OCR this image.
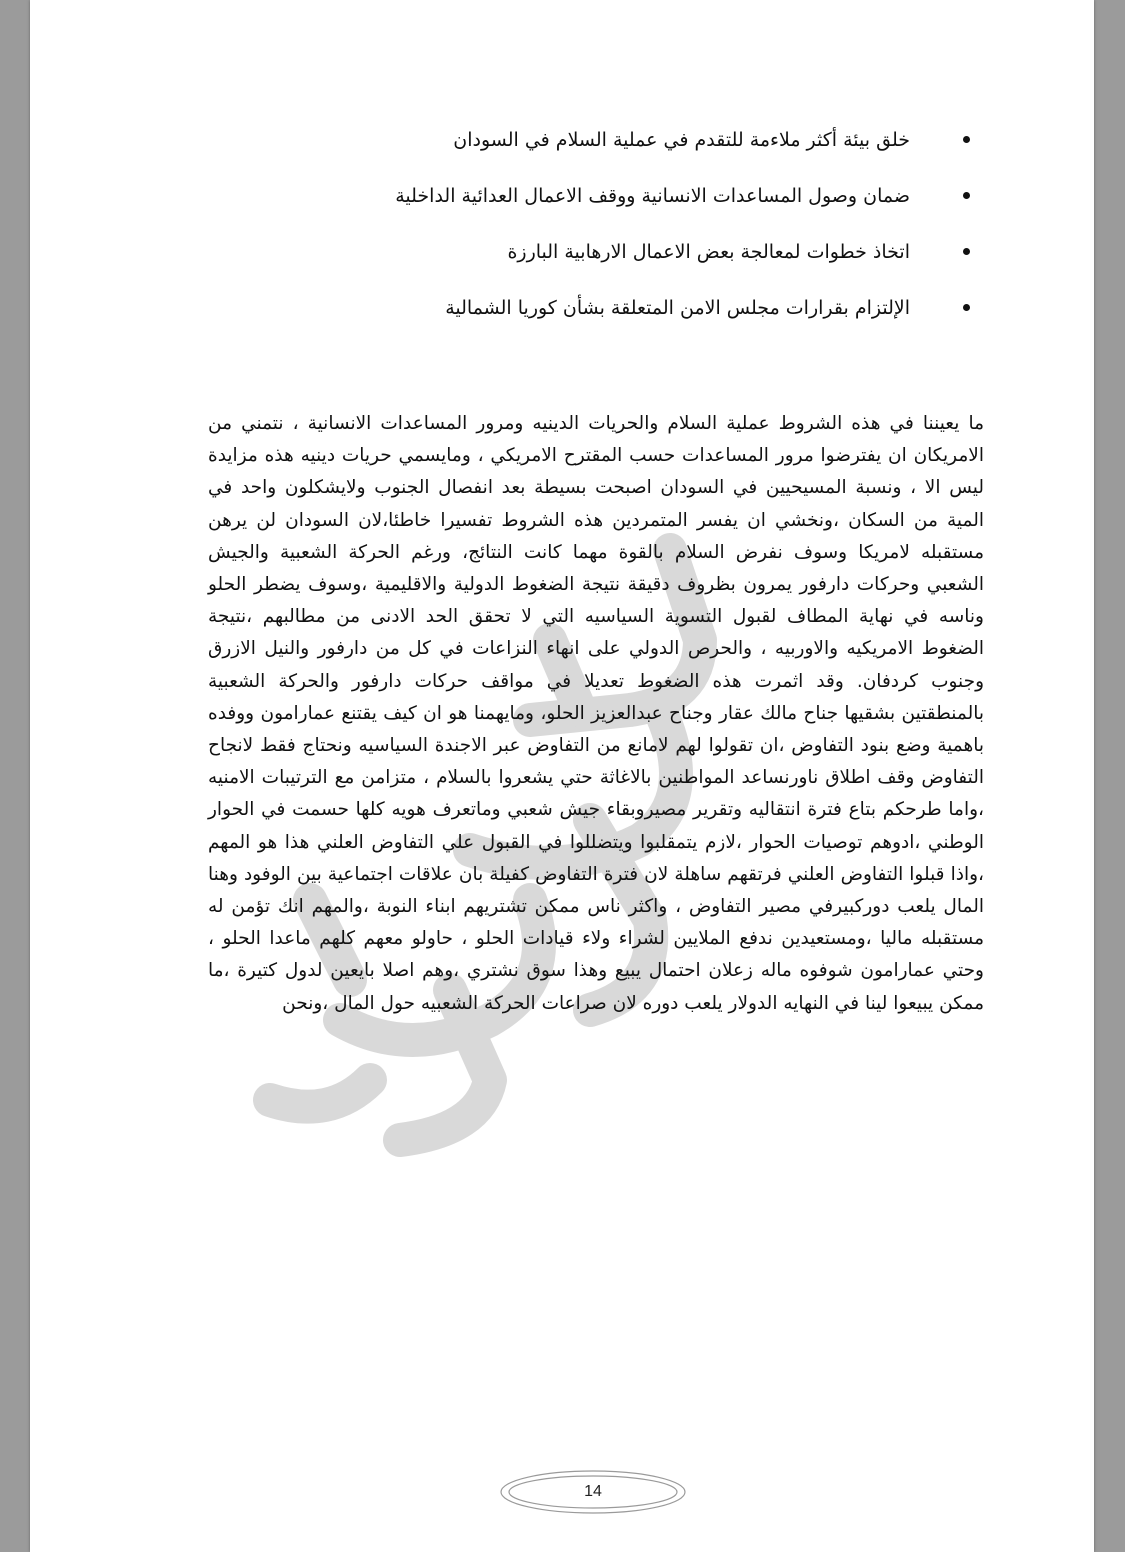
خلق بيئة أكثر ملاءمة للتقدم في عملية السلام في السودان
ضمان وصول المساعدات الانسانية ووقف الاعمال العدائية الداخلية
اتخاذ خطوات لمعالجة بعض الاعمال الارهابية البارزة
الإلتزام بقرارات مجلس الامن المتعلقة بشأن كوريا الشمالية

ما يعيننا في هذه الشروط عملية السلام والحريات الدينيه ومرور المساعدات الانسانية ، نتمني من الامريكان ان يفترضوا مرور المساعدات حسب المقترح الامريكي ، ومايسمي حريات دينيه هذه مزايدة ليس الا ، ونسبة المسيحيين في السودان اصبحت بسيطة بعد انفصال الجنوب ولايشكلون واحد في المية من السكان ،ونخشي ان يفسر المتمردين هذه الشروط تفسيرا خاطئا،لان السودان لن يرهن مستقبله لامريكا وسوف نفرض السلام بالقوة مهما كانت النتائج، ورغم الحركة الشعبية والجيش الشعبي وحركات دارفور يمرون بظروف دقيقة نتيجة الضغوط الدولية والاقليمية ،وسوف يضطر الحلو وناسه في نهاية المطاف لقبول التسوية السياسيه التي لا تحقق الحد الادنى من مطالبهم ،نتيجة الضغوط الامريكيه والاوربيه ، والحرص الدولي على انهاء النزاعات في كل من دارفور والنيل الازرق وجنوب كردفان. وقد اثمرت هذه الضغوط تعديلا في مواقف حركات دارفور والحركة الشعبية بالمنطقتين بشقيها جناح مالك عقار وجناح عبدالعزيز الحلو، ومايهمنا هو ان كيف يقتنع عمارامون ووفده باهمية وضع بنود التفاوض ،ان تقولوا لهم لامانع من التفاوض عبر الاجندة السياسيه ونحتاج فقط لانجاح التفاوض وقف اطلاق ناورنساعد المواطنين بالاغاثة حتي يشعروا بالسلام ، متزامن مع الترتيبات الامنيه ،واما طرحكم بتاع فترة انتقاليه وتقرير مصيروبقاء جيش شعبي وماتعرف هويه كلها حسمت في الحوار الوطني ،ادوهم توصيات الحوار ،لازم يتمقلبوا ويتضللوا في القبول علي التفاوض العلني هذا هو المهم ،واذا قبلوا التفاوض العلني فرتقهم ساهلة لان فترة التفاوض كفيلة بان علاقات اجتماعية بين الوفود وهنا المال يلعب دوركبيرفي مصير التفاوض ، واكثر ناس ممكن تشتريهم ابناء النوبة ،والمهم انك تؤمن له مستقبله ماليا ،ومستعيدين ندفع الملايين لشراء ولاء قيادات الحلو ، حاولو معهم كلهم ماعدا الحلو ، وحتي عمارامون شوفوه ماله زعلان احتمال يبيع وهذا سوق نشتري ،وهم اصلا بايعين لدول كتيرة ،ما ممكن يبيعوا لينا في النهايه الدولار يلعب دوره لان صراعات الحركة الشعبيه حول المال ،ونحن

14
